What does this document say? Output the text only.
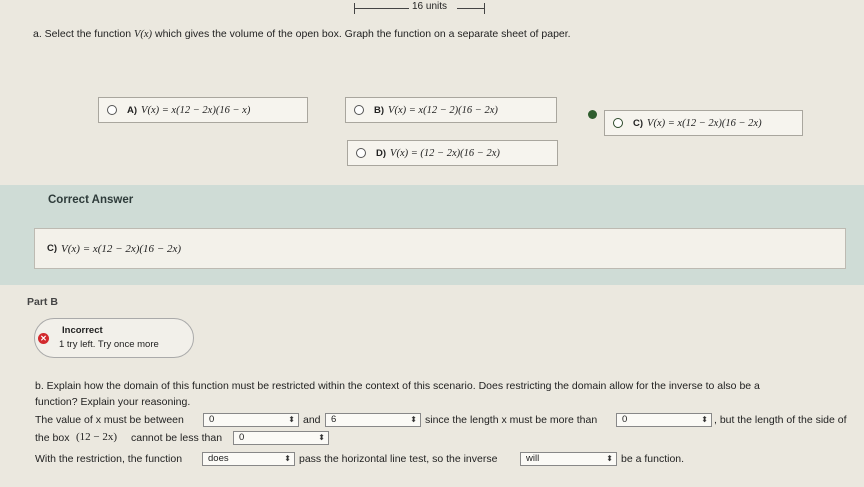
16 units
a. Select the function V(x) which gives the volume of the open box. Graph the function on a separate sheet of paper.
A) V(x) = x(12 − 2x)(16 − x)	B) V(x) = x(12 − 2)(16 − 2x)
C) V(x) = x(12 − 2x)(16 − 2x)
D) V(x) = (12 − 2x)(16 − 2x)
Correct Answer
C) V(x) = x(12 − 2x)(16 − 2x)
Part B
✕
Incorrect
1 try left. Try once more
b. Explain how the domain of this function must be restricted within the context of this scenario. Does restricting the domain allow for the inverse to also be a
function? Explain your reasoning.
The value of x must be between	0	⬍ and	6	⬍ since the length x must be more than	0	⬍ , but the length of the side of
the box (12 − 2x) cannot be less than	0	⬍
With the restriction, the function	does	⬍ pass the horizontal line test, so the inverse	will	⬍ be a function.
